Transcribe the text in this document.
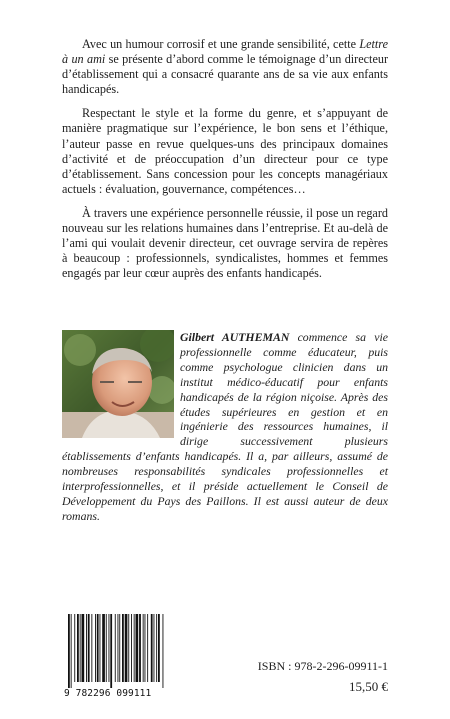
Avec un humour corrosif et une grande sensibilité, cette Lettre à un ami se présente d’abord comme le témoignage d’un directeur d’établissement qui a consacré quarante ans de sa vie aux enfants handicapés.

Respectant le style et la forme du genre, et s’appuyant de manière pragmatique sur l’expérience, le bon sens et l’éthique, l’auteur passe en revue quelques-uns des principaux domaines d’activité et de préoccupation d’un directeur pour ce type d’établissement. Sans concession pour les concepts managériaux actuels : évaluation, gouvernance, compétences…

À travers une expérience personnelle réussie, il pose un regard nouveau sur les relations humaines dans l’entreprise. Et au-delà de l’ami qui voulait devenir directeur, cet ouvrage servira de repères à beaucoup : professionnels, syndicalistes, hommes et femmes engagés par leur cœur auprès des enfants handicapés.

Gilbert AUTHEMAN commence sa vie professionnelle comme éducateur, puis comme psychologue clinicien dans un institut médico-éducatif pour enfants handicapés de la région niçoise. Après des études supérieures en gestion et en ingénierie des ressources humaines, il dirige successivement plusieurs établissements d’enfants handicapés. Il a, par ailleurs, assumé de nombreuses responsabilités syndicales professionnelles et interprofessionnelles, et il préside actuellement le Conseil de Développement du Pays des Paillons. Il est aussi auteur de deux romans.

9 782296 099111
ISBN : 978-2-296-09911-1
15,50 €
